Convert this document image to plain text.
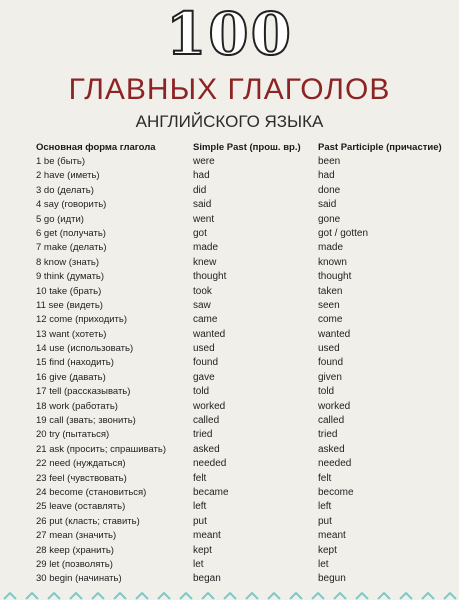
100
ГЛАВНЫХ ГЛАГОЛОВ
АНГЛИЙСКОГО ЯЗЫКА
Основная форма глагола
1 be (быть)
2 have (иметь)
3 do (делать)
4 say (говорить)
5 go (идти)
6 get (получать)
7 make (делать)
8 know (знать)
9 think (думать)
10 take (брать)
11 see (видеть)
12 come (приходить)
13 want (хотеть)
14 use (использовать)
15 find (находить)
16 give (давать)
17 tell (рассказывать)
18 work (работать)
19 call (звать; звонить)
20 try (пытаться)
21 ask (просить; спрашивать)
22 need (нуждаться)
23 feel (чувствовать)
24 become (становиться)
25 leave (оставлять)
26 put (класть; ставить)
27 mean (значить)
28 keep (хранить)
29 let (позволять)
30 begin (начинать)
Simple Past (прош. вр.)
were
had
did
said
went
got
made
knew
thought
took
saw
came
wanted
used
found
gave
told
worked
called
tried
asked
needed
felt
became
left
put
meant
kept
let
began
Past Participle (причастие)
been
had
done
said
gone
got / gotten
made
known
thought
taken
seen
come
wanted
used
found
given
told
worked
called
tried
asked
needed
felt
become
left
put
meant
kept
let
begun
